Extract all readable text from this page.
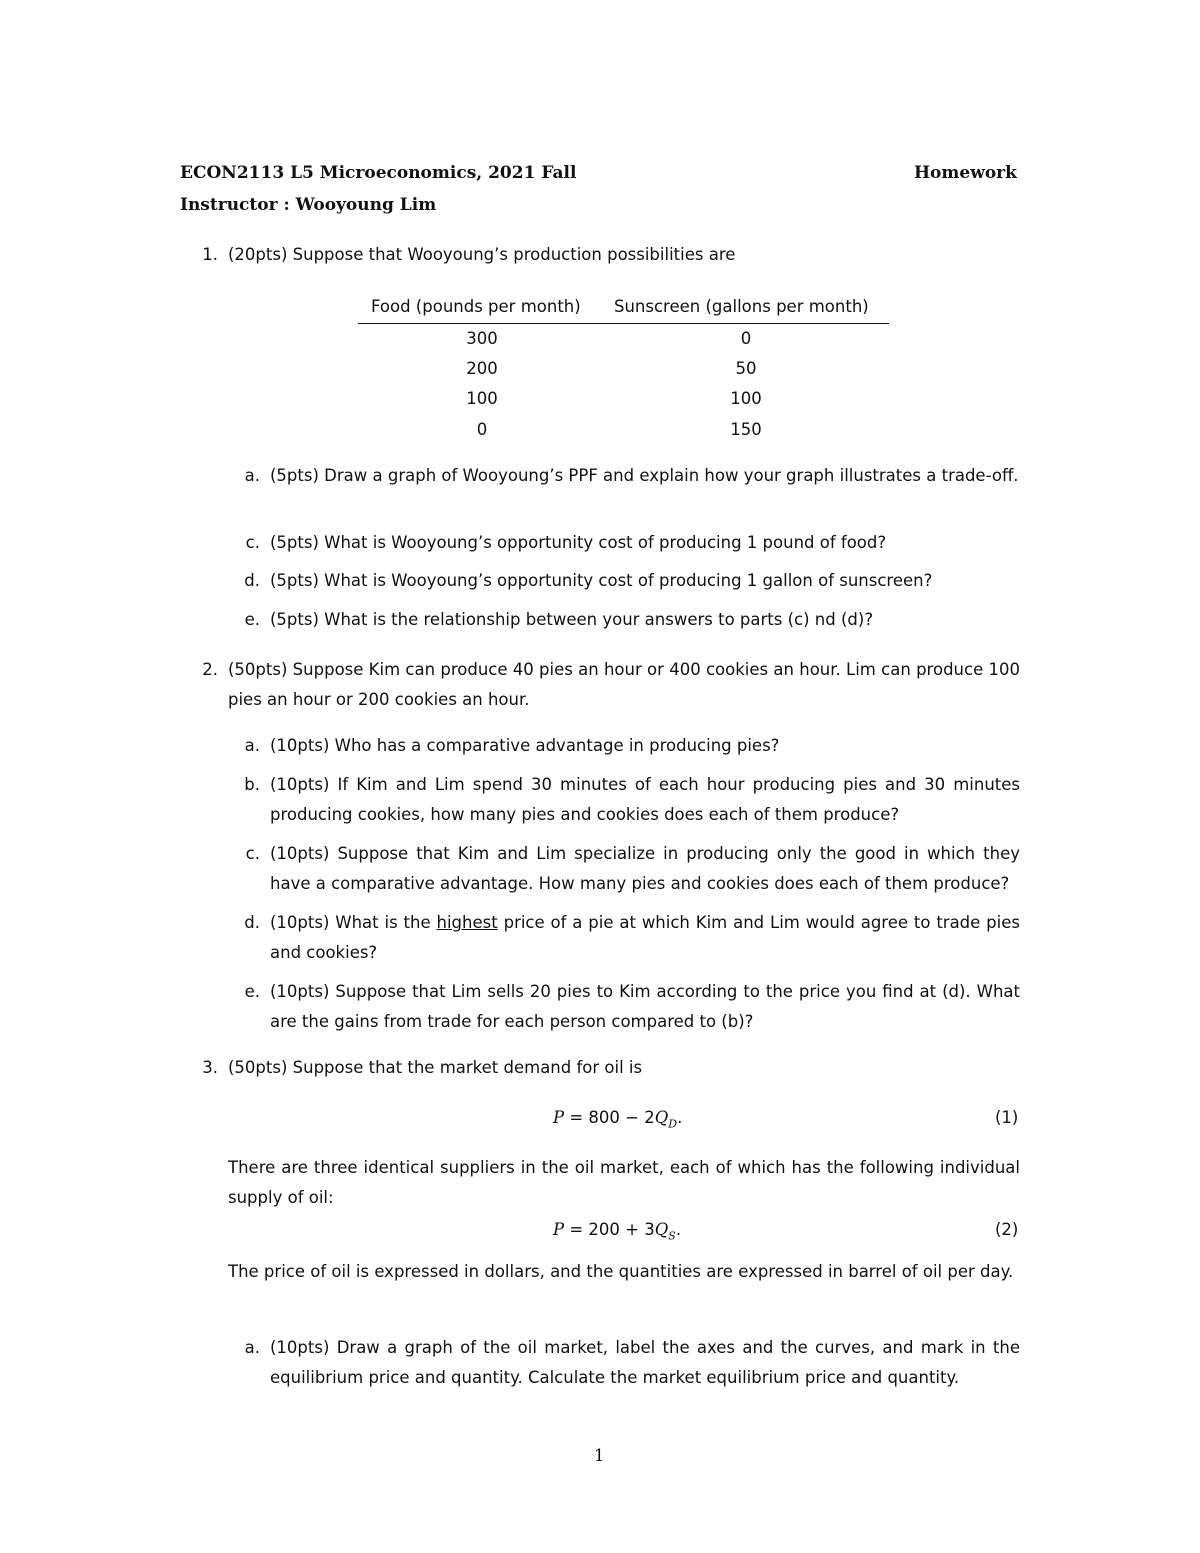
ECON2113 L5 Microeconomics, 2021 Fall	Homework
Instructor : Wooyoung Lim
1. (20pts) Suppose that Wooyoung’s production possibilities are
Food (pounds per month) Sunscreen (gallons per month)
300	0
200	50
100	100
0	150
a. (5pts) Draw a graph of Wooyoung’s PPF and explain how your graph illustrates a trade-off.
c. (5pts) What is Wooyoung’s opportunity cost of producing 1 pound of food?
d. (5pts) What is Wooyoung’s opportunity cost of producing 1 gallon of sunscreen?
e. (5pts) What is the relationship between your answers to parts (c) nd (d)?
2. (50pts) Suppose Kim can produce 40 pies an hour or 400 cookies an hour. Lim can produce 100 pies an hour or 200 cookies an hour.
a. (10pts) Who has a comparative advantage in producing pies?
b. (10pts) If Kim and Lim spend 30 minutes of each hour producing pies and 30 minutes producing cookies, how many pies and cookies does each of them produce?
c. (10pts) Suppose that Kim and Lim specialize in producing only the good in which they have a comparative advantage. How many pies and cookies does each of them produce?
d. (10pts) What is the highest price of a pie at which Kim and Lim would agree to trade pies and cookies?
e. (10pts) Suppose that Lim sells 20 pies to Kim according to the price you find at (d). What are the gains from trade for each person compared to (b)?
3. (50pts) Suppose that the market demand for oil is
$P = 800 - 2Q_D$.	(1)
There are three identical suppliers in the oil market, each of which has the following individual supply of oil:
$P = 200 + 3Q_S$.	(2)
The price of oil is expressed in dollars, and the quantities are expressed in barrel of oil per day.
a. (10pts) Draw a graph of the oil market, label the axes and the curves, and mark in the equilibrium price and quantity. Calculate the market equilibrium price and quantity.
1
